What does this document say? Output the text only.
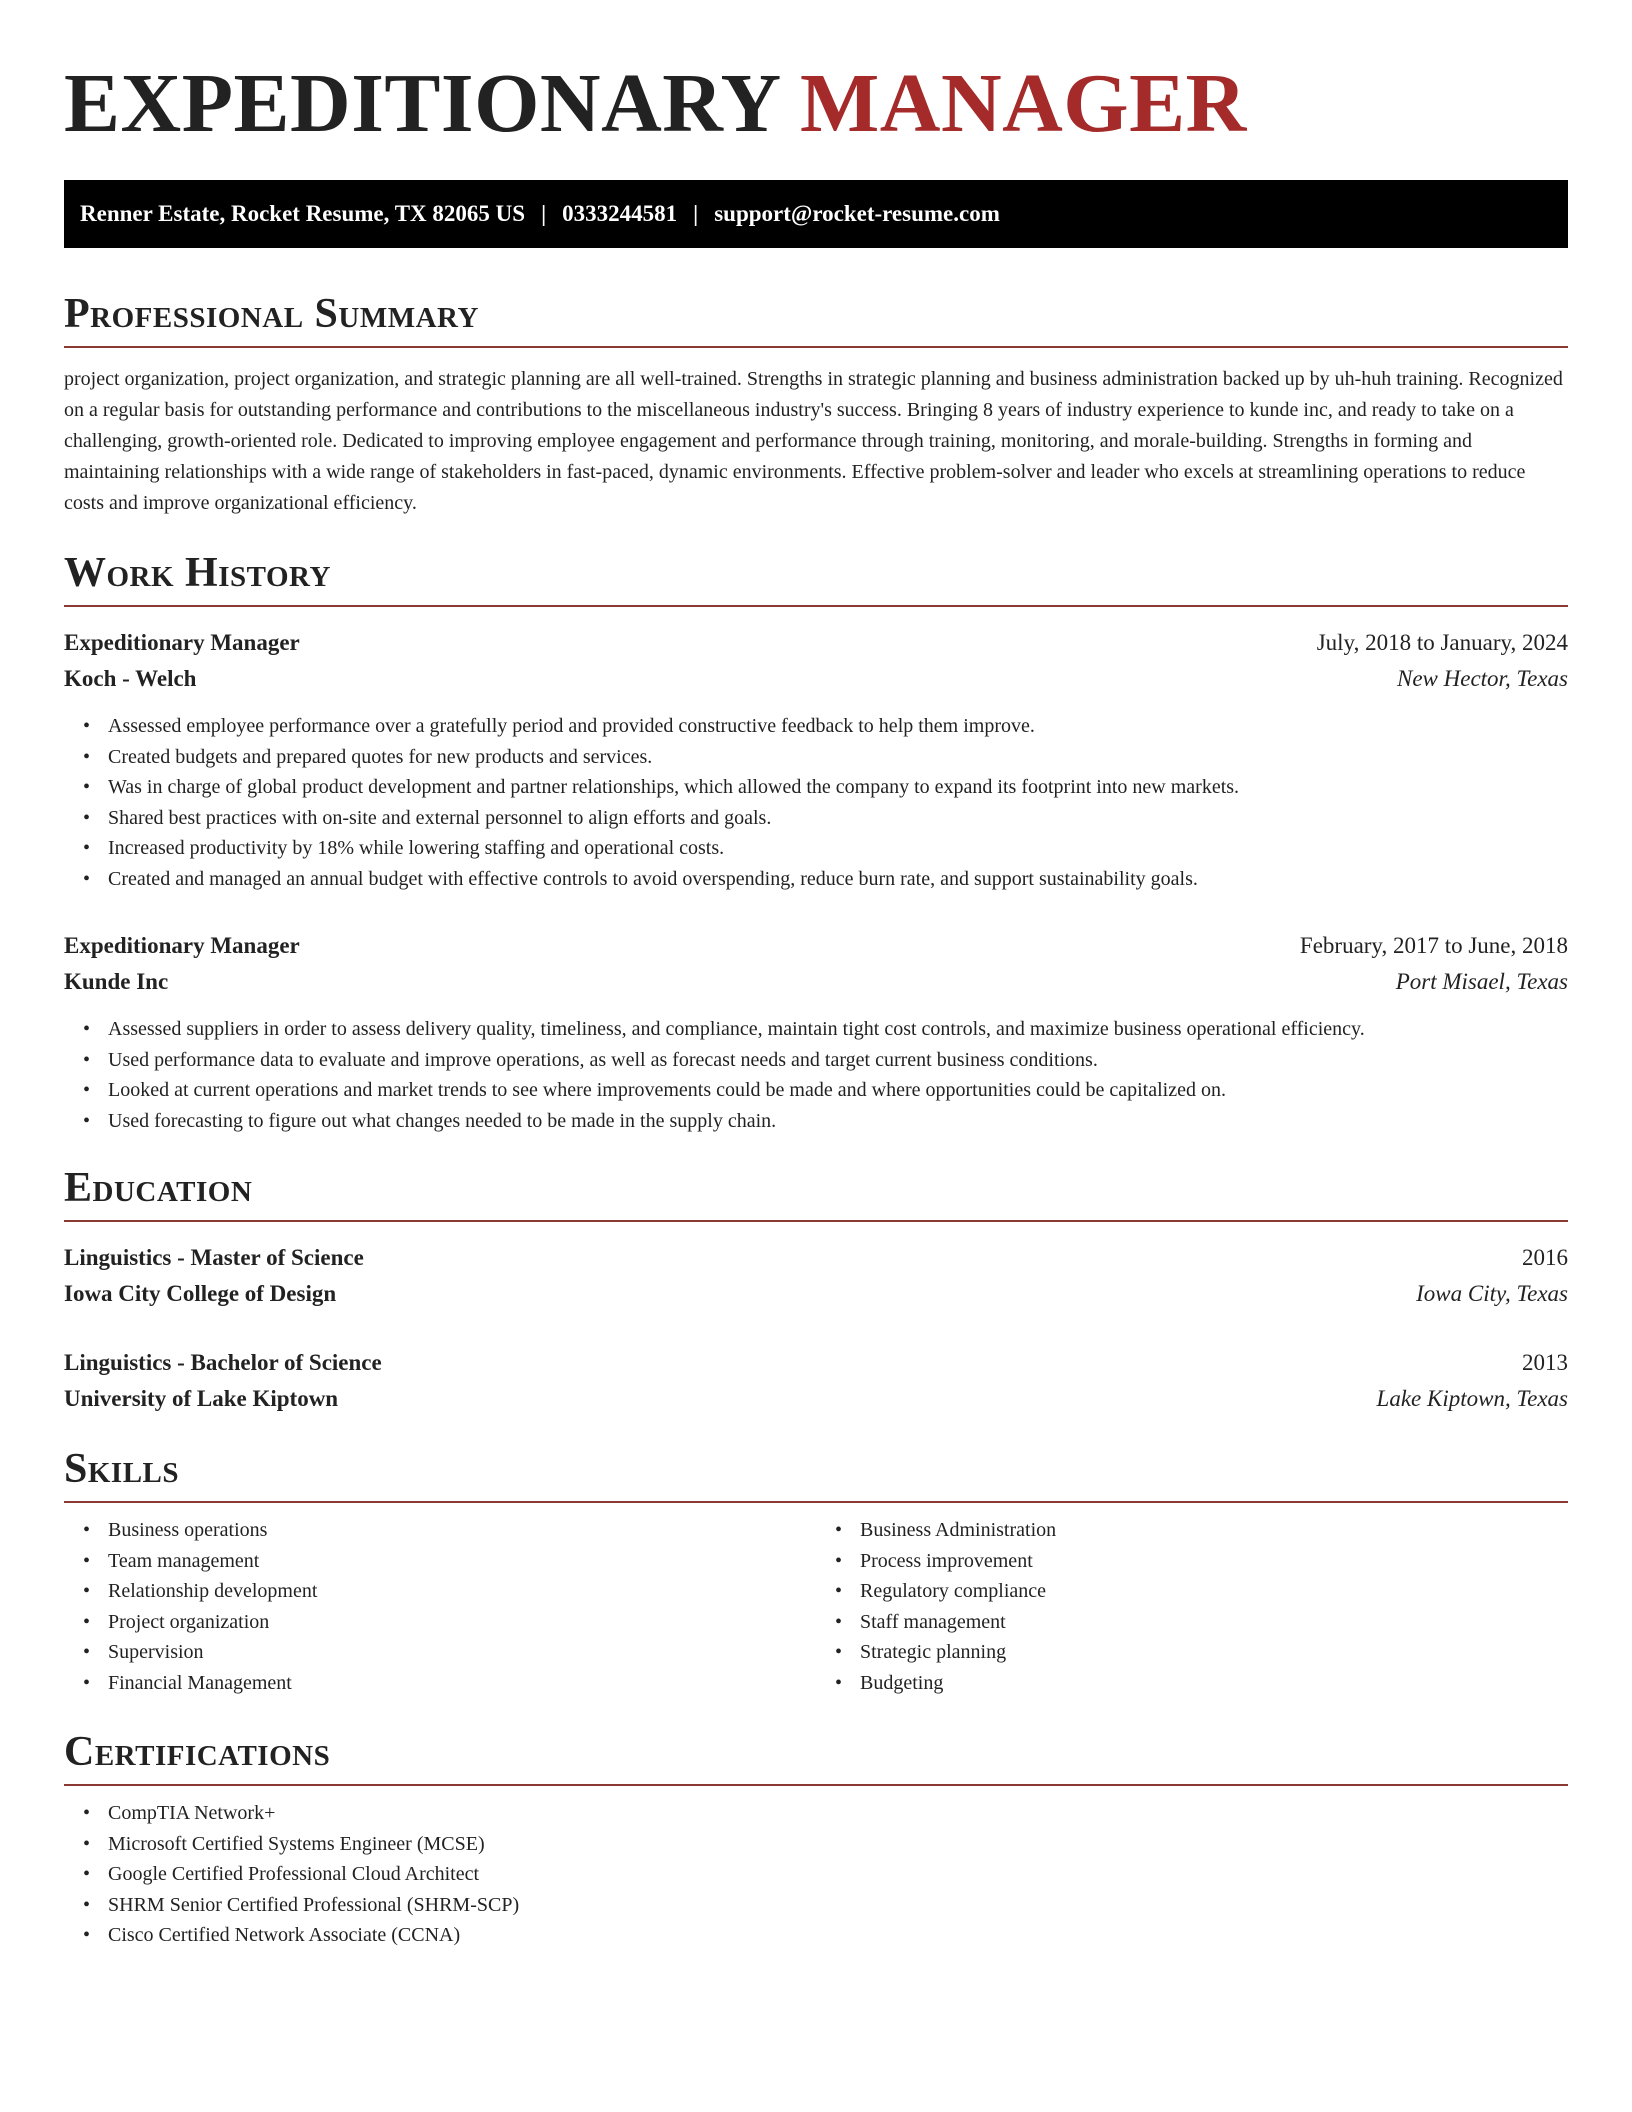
EXPEDITIONARY MANAGER
Renner Estate, Rocket Resume, TX 82065 US | 0333244581 | support@rocket-resume.com
Professional Summary

project organization, project organization, and strategic planning are all well-trained. Strengths in strategic planning and business administration backed up by uh-huh training. Recognized on a regular basis for outstanding performance and contributions to the miscellaneous industry's success. Bringing 8 years of industry experience to kunde inc, and ready to take on a challenging, growth-oriented role. Dedicated to improving employee engagement and performance through training, monitoring, and morale-building. Strengths in forming and maintaining relationships with a wide range of stakeholders in fast-paced, dynamic environments. Effective problem-solver and leader who excels at streamlining operations to reduce costs and improve organizational efficiency.

Work History
Expeditionary Manager	July, 2018 to January, 2024
Koch - Welch	New Hector, Texas
• Assessed employee performance over a gratefully period and provided constructive feedback to help them improve.
• Created budgets and prepared quotes for new products and services.
• Was in charge of global product development and partner relationships, which allowed the company to expand its footprint into new markets.
• Shared best practices with on-site and external personnel to align efforts and goals.
• Increased productivity by 18% while lowering staffing and operational costs.
• Created and managed an annual budget with effective controls to avoid overspending, reduce burn rate, and support sustainability goals.
Expeditionary Manager	February, 2017 to June, 2018
Kunde Inc	Port Misael, Texas
• Assessed suppliers in order to assess delivery quality, timeliness, and compliance, maintain tight cost controls, and maximize business operational efficiency.
• Used performance data to evaluate and improve operations, as well as forecast needs and target current business conditions.
• Looked at current operations and market trends to see where improvements could be made and where opportunities could be capitalized on.
• Used forecasting to figure out what changes needed to be made in the supply chain.
Education
Linguistics - Master of Science	2016
Iowa City College of Design	Iowa City, Texas
Linguistics - Bachelor of Science	2013
University of Lake Kiptown	Lake Kiptown, Texas
Skills
• Business operations
• Team management
• Relationship development
• Project organization
• Supervision
• Financial Management
• Business Administration
• Process improvement
• Regulatory compliance
• Staff management
• Strategic planning
• Budgeting
Certifications
• CompTIA Network+
• Microsoft Certified Systems Engineer (MCSE)
• Google Certified Professional Cloud Architect
• SHRM Senior Certified Professional (SHRM-SCP)
• Cisco Certified Network Associate (CCNA)
